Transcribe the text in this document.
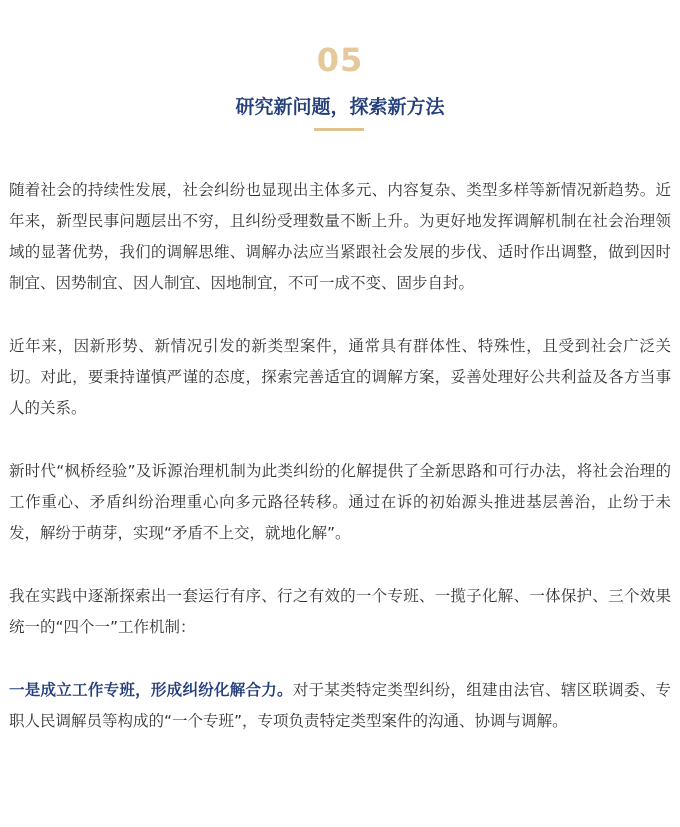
05
研究新问题，探索新方法

随着社会的持续性发展，社会纠纷也显现出主体多元、内容复杂、类型多样等新情况新趋势。近年来，新型民事问题层出不穷，且纠纷受理数量不断上升。为更好地发挥调解机制在社会治理领域的显著优势，我们的调解思维、调解办法应当紧跟社会发展的步伐、适时作出调整，做到因时制宜、因势制宜、因人制宜、因地制宜，不可一成不变、固步自封。

近年来，因新形势、新情况引发的新类型案件，通常具有群体性、特殊性，且受到社会广泛关切。对此，要秉持谨慎严谨的态度，探索完善适宜的调解方案，妥善处理好公共利益及各方当事人的关系。

新时代“枫桥经验”及诉源治理机制为此类纠纷的化解提供了全新思路和可行办法，将社会治理的工作重心、矛盾纠纷治理重心向多元路径转移。通过在诉的初始源头推进基层善治，止纷于未发，解纷于萌芽，实现“矛盾不上交，就地化解”。

我在实践中逐渐探索出一套运行有序、行之有效的一个专班、一揽子化解、一体保护、三个效果统一的“四个一”工作机制：

一是成立工作专班，形成纠纷化解合力。对于某类特定类型纠纷，组建由法官、辖区联调委、专职人民调解员等构成的“一个专班”，专项负责特定类型案件的沟通、协调与调解。
